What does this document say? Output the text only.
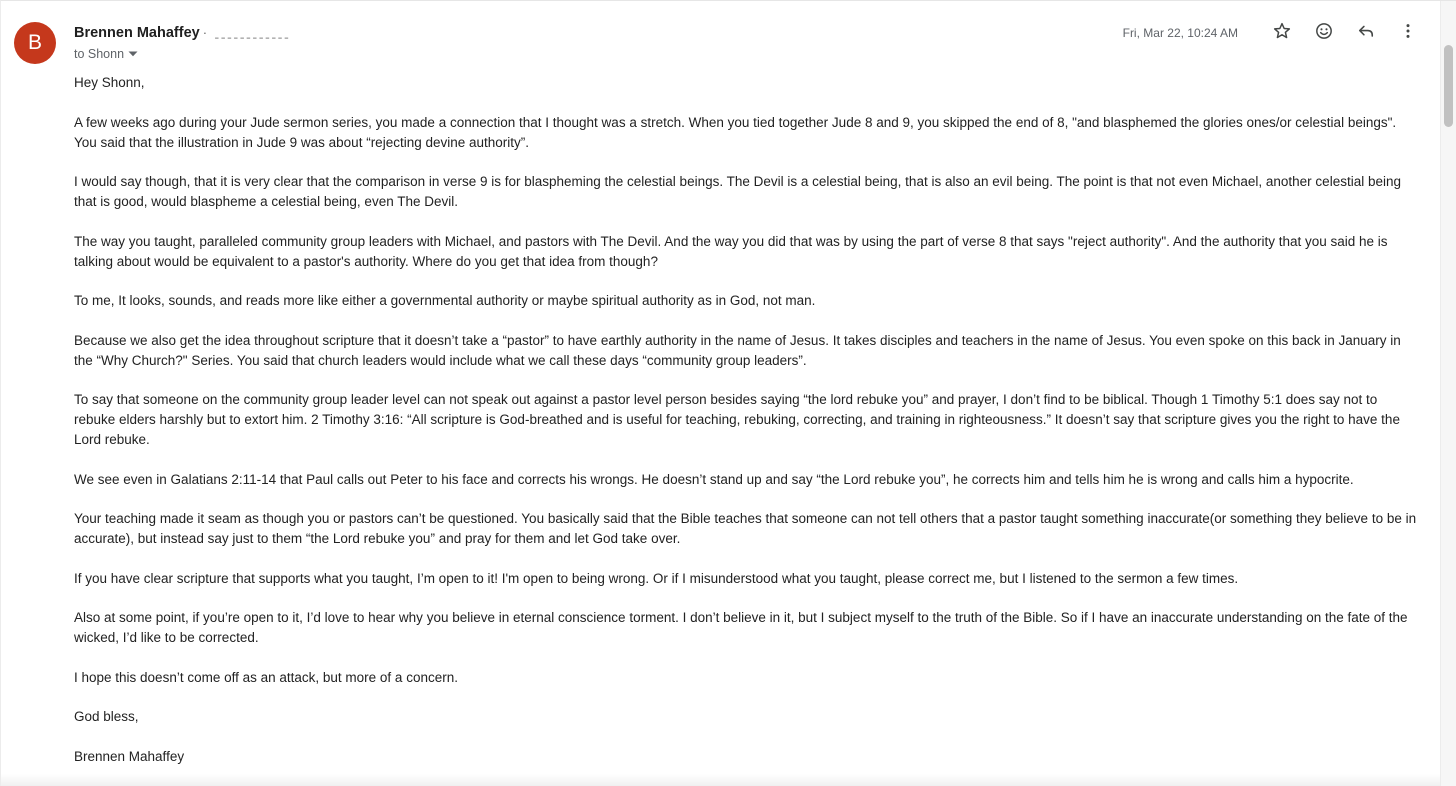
B	Brennen Mahaffey · ˍˍˍˍˍˍˍˍˍˍˍˍ
to Shonn
Fri, Mar 22, 10:24 AM

Hey Shonn,

A few weeks ago during your Jude sermon series, you made a connection that I thought was a stretch. When you tied together Jude 8 and 9, you skipped the end of 8, "and blasphemed the glories ones/or celestial beings". You said that the illustration in Jude 9 was about “rejecting devine authority”.

I would say though, that it is very clear that the comparison in verse 9 is for blaspheming the celestial beings. The Devil is a celestial being, that is also an evil being. The point is that not even Michael, another celestial being that is good, would blaspheme a celestial being, even The Devil.

The way you taught, paralleled community group leaders with Michael, and pastors with The Devil. And the way you did that was by using the part of verse 8 that says "reject authority". And the authority that you said he is talking about would be equivalent to a pastor's authority. Where do you get that idea from though?

To me, It looks, sounds, and reads more like either a governmental authority or maybe spiritual authority as in God, not man.

Because we also get the idea throughout scripture that it doesn’t take a “pastor” to have earthly authority in the name of Jesus. It takes disciples and teachers in the name of Jesus. You even spoke on this back in January in the “Why Church?" Series. You said that church leaders would include what we call these days “community group leaders”.

To say that someone on the community group leader level can not speak out against a pastor level person besides saying “the lord rebuke you” and prayer, I don’t find to be biblical. Though 1 Timothy 5:1 does say not to rebuke elders harshly but to extort him. 2 Timothy 3:16: “All scripture is God-breathed and is useful for teaching, rebuking, correcting, and training in righteousness.” It doesn’t say that scripture gives you the right to have the Lord rebuke.

We see even in Galatians 2:11-14 that Paul calls out Peter to his face and corrects his wrongs. He doesn’t stand up and say “the Lord rebuke you”, he corrects him and tells him he is wrong and calls him a hypocrite.

Your teaching made it seam as though you or pastors can’t be questioned. You basically said that the Bible teaches that someone can not tell others that a pastor taught something inaccurate(or something they believe to be in accurate), but instead say just to them “the Lord rebuke you” and pray for them and let God take over.

If you have clear scripture that supports what you taught, I’m open to it! I'm open to being wrong. Or if I misunderstood what you taught, please correct me, but I listened to the sermon a few times.

Also at some point, if you’re open to it, I’d love to hear why you believe in eternal conscience torment. I don’t believe in it, but I subject myself to the truth of the Bible. So if I have an inaccurate understanding on the fate of the wicked, I’d like to be corrected.

I hope this doesn’t come off as an attack, but more of a concern.

God bless,

Brennen Mahaffey
